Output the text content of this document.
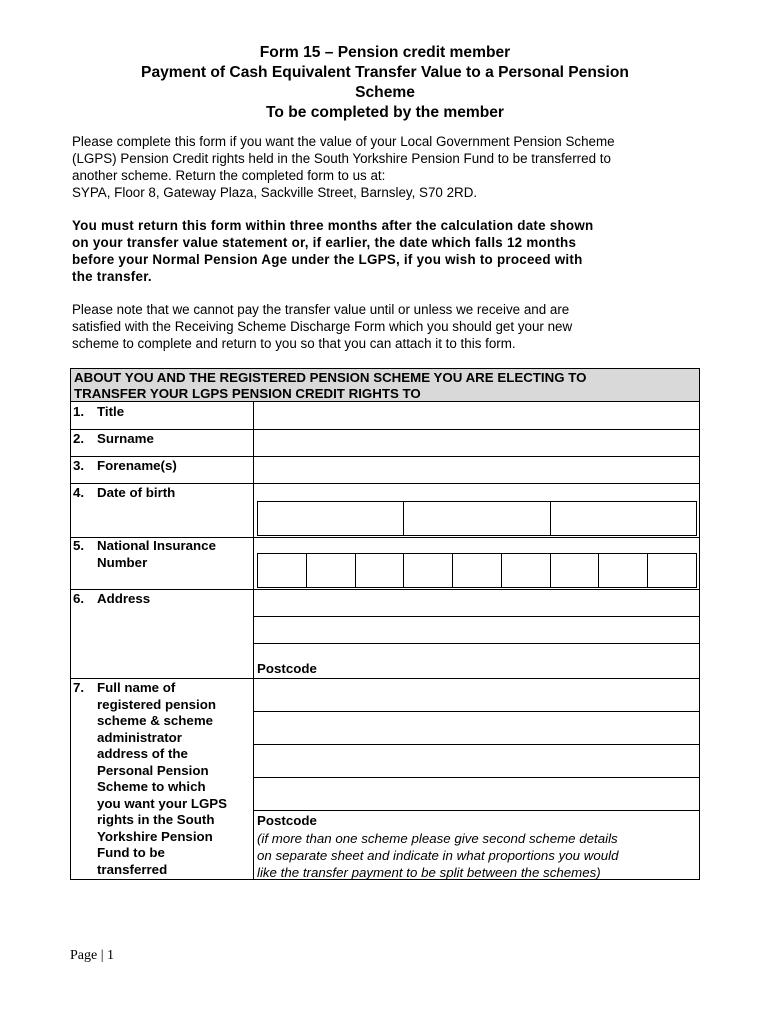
Form 15 – Pension credit member
Payment of Cash Equivalent Transfer Value to a Personal Pension
Scheme
To be completed by the member
Please complete this form if you want the value of your Local Government Pension Scheme
(LGPS) Pension Credit rights held in the South Yorkshire Pension Fund to be transferred to
another scheme. Return the completed form to us at:
SYPA, Floor 8, Gateway Plaza, Sackville Street, Barnsley, S70 2RD.
You must return this form within three months after the calculation date shown
on your transfer value statement or, if earlier, the date which falls 12 months
before your Normal Pension Age under the LGPS, if you wish to proceed with
the transfer.
Please note that we cannot pay the transfer value until or unless we receive and are
satisfied with the Receiving Scheme Discharge Form which you should get your new
scheme to complete and return to you so that you can attach it to this form.
ABOUT YOU AND THE REGISTERED PENSION SCHEME YOU ARE ELECTING TO
TRANSFER YOUR LGPS PENSION CREDIT RIGHTS TO
1. Title
2. Surname
3. Forename(s)
4. Date of birth
5. National Insurance
Number
6. Address
Postcode
7. Full name of
registered pension
scheme & scheme
administrator
address of the
Personal Pension
Scheme to which
you want your LGPS
rights in the South
Yorkshire Pension
Fund to be
transferred
Postcode
(if more than one scheme please give second scheme details
on separate sheet and indicate in what proportions you would
like the transfer payment to be split between the schemes)
Page | 1
